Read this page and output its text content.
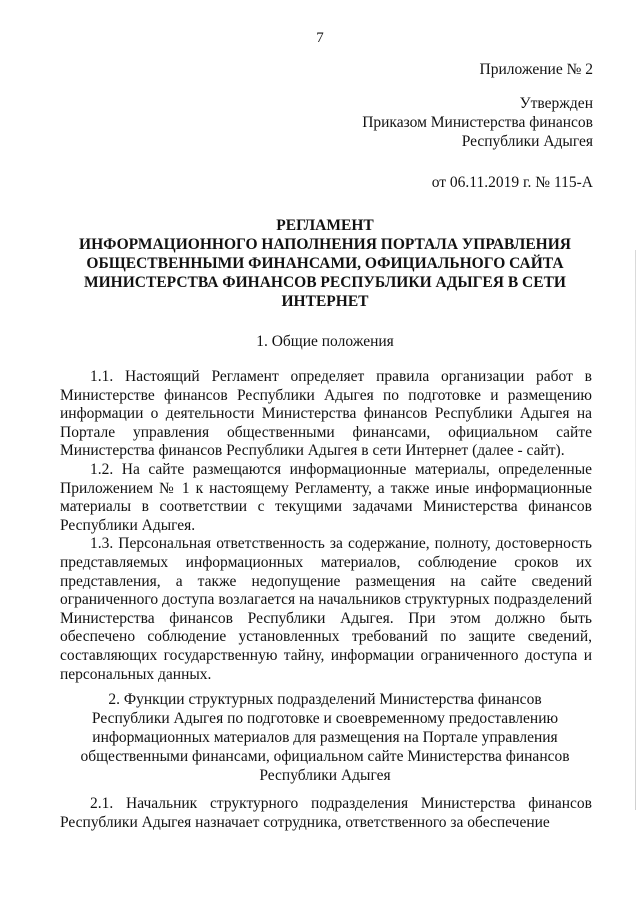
7
Приложение № 2
Утвержден
Приказом Министерства финансов
Республики Адыгея
от 06.11.2019 г. № 115-А
РЕГЛАМЕНТ
ИНФОРМАЦИОННОГО НАПОЛНЕНИЯ ПОРТАЛА УПРАВЛЕНИЯ
ОБЩЕСТВЕННЫМИ ФИНАНСАМИ, ОФИЦИАЛЬНОГО САЙТА
МИНИСТЕРСТВА ФИНАНСОВ РЕСПУБЛИКИ АДЫГЕЯ В СЕТИ
ИНТЕРНЕТ
1. Общие положения

1.1. Настоящий Регламент определяет правила организации работ в Министерстве финансов Республики Адыгея по подготовке и размещению информации о деятельности Министерства финансов Республики Адыгея на Портале управления общественными финансами, официальном сайте Министерства финансов Республики Адыгея в сети Интернет (далее - сайт).

1.2. На сайте размещаются информационные материалы, определенные Приложением № 1 к настоящему Регламенту, а также иные информационные материалы в соответствии с текущими задачами Министерства финансов Республики Адыгея.

1.3. Персональная ответственность за содержание, полноту, достоверность представляемых информационных материалов, соблюдение сроков их представления, а также недопущение размещения на сайте сведений ограниченного доступа возлагается на начальников структурных подразделений Министерства финансов Республики Адыгея. При этом должно быть обеспечено соблюдение установленных требований по защите сведений, составляющих государственную тайну, информации ограниченного доступа и персональных данных.

2. Функции структурных подразделений Министерства финансов
Республики Адыгея по подготовке и своевременному предоставлению
информационных материалов для размещения на Портале управления
общественными финансами, официальном сайте Министерства финансов
Республики Адыгея

2.1. Начальник структурного подразделения Министерства финансов Республики Адыгея назначает сотрудника, ответственного за обеспечение
